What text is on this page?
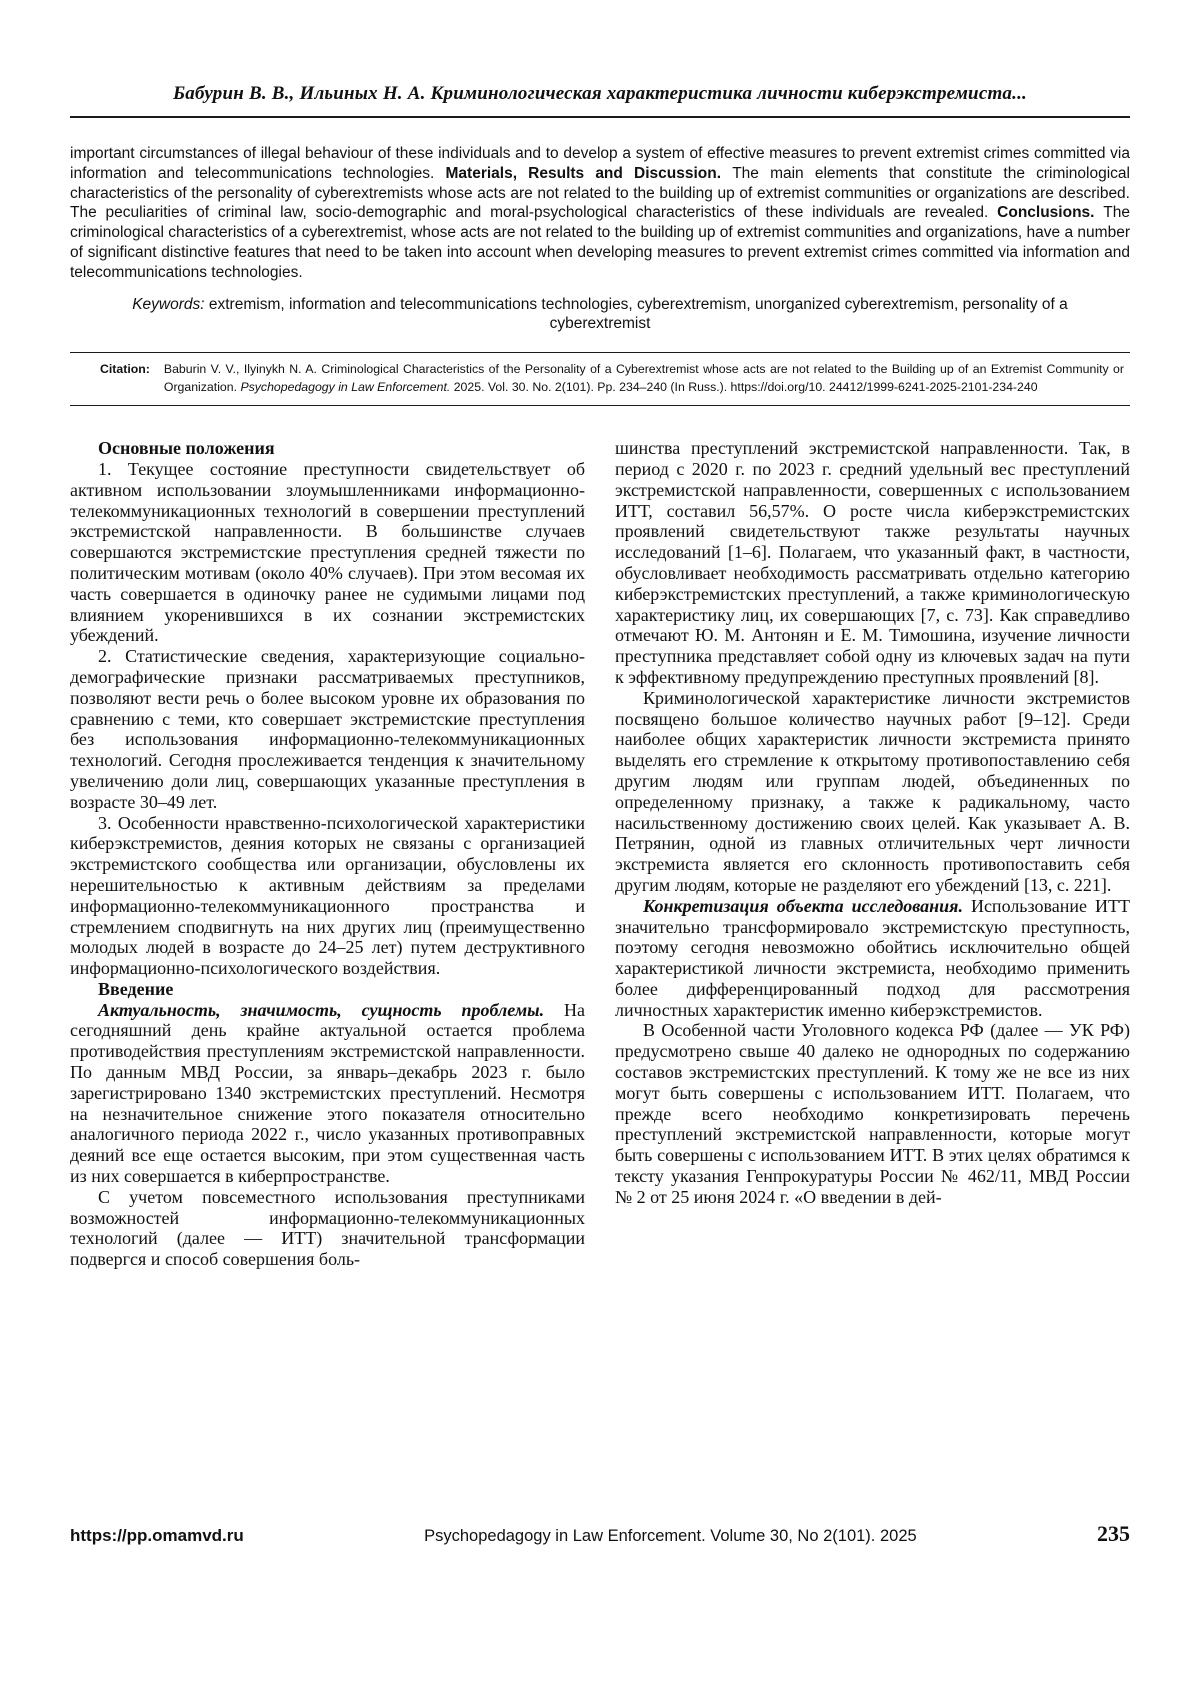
Бабурин В. В., Ильиных Н. А. Криминологическая характеристика личности киберэкстремиста...

important circumstances of illegal behaviour of these individuals and to develop a system of effective measures to prevent extremist crimes committed via information and telecommunications technologies. Materials, Results and Discussion. The main elements that constitute the criminological characteristics of the personality of cyberextremists whose acts are not related to the building up of extremist communities or organizations are described. The peculiarities of criminal law, socio-demographic and moral-psychological characteristics of these individuals are revealed. Conclusions. The criminological characteristics of a cyberextremist, whose acts are not related to the building up of extremist communities and organizations, have a number of significant distinctive features that need to be taken into account when developing measures to prevent extremist crimes committed via information and telecommunications technologies.

Keywords: extremism, information and telecommunications technologies, cyberextremism, unorganized cyberextremism, personality of a cyberextremist

Citation: Baburin V. V., Ilyinykh N. A. Criminological Characteristics of the Personality of a Cyberextremist whose acts are not related to the Building up of an Extremist Community or Organization. Psychopedagogy in Law Enforcement. 2025. Vol. 30. No. 2(101). Pp. 234–240 (In Russ.). https://doi.org/10. 24412/1999-6241-2025-2101-234-240

Основные положения

1. Текущее состояние преступности свидетельствует об активном использовании злоумышленниками информационно-телекоммуникационных технологий в совершении преступлений экстремистской направленности. В большинстве случаев совершаются экстремистские преступления средней тяжести по политическим мотивам (около 40% случаев). При этом весомая их часть совершается в одиночку ранее не судимыми лицами под влиянием укоренившихся в их сознании экстремистских убеждений.

2. Статистические сведения, характеризующие социально-демографические признаки рассматриваемых преступников, позволяют вести речь о более высоком уровне их образования по сравнению с теми, кто совершает экстремистские преступления без использования информационно-телекоммуникационных технологий. Сегодня прослеживается тенденция к значительному увеличению доли лиц, совершающих указанные преступления в возрасте 30–49 лет.

3. Особенности нравственно-психологической характеристики киберэкстремистов, деяния которых не связаны с организацией экстремистского сообщества или организации, обусловлены их нерешительностью к активным действиям за пределами информационно-телекоммуникационного пространства и стремлением сподвигнуть на них других лиц (преимущественно молодых людей в возрасте до 24–25 лет) путем деструктивного информационно-психологического воздействия.

Введение

Актуальность, значимость, сущность проблемы. На сегодняшний день крайне актуальной остается проблема противодействия преступлениям экстремистской направленности. По данным МВД России, за январь–декабрь 2023 г. было зарегистрировано 1340 экстремистских преступлений. Несмотря на незначительное снижение этого показателя относительно аналогичного периода 2022 г., число указанных противоправных деяний все еще остается высоким, при этом существенная часть из них совершается в киберпространстве.

С учетом повсеместного использования преступниками возможностей информационно-телекоммуникационных технологий (далее — ИТТ) значительной трансформации подвергся и способ совершения боль-

шинства преступлений экстремистской направленности. Так, в период с 2020 г. по 2023 г. средний удельный вес преступлений экстремистской направленности, совершенных с использованием ИТТ, составил 56,57%. О росте числа киберэкстремистских проявлений свидетельствуют также результаты научных исследований [1–6]. Полагаем, что указанный факт, в частности, обусловливает необходимость рассматривать отдельно категорию киберэкстремистских преступлений, а также криминологическую характеристику лиц, их совершающих [7, с. 73]. Как справедливо отмечают Ю. М. Антонян и Е. М. Тимошина, изучение личности преступника представляет собой одну из ключевых задач на пути к эффективному предупреждению преступных проявлений [8].

Криминологической характеристике личности экстремистов посвящено большое количество научных работ [9–12]. Среди наиболее общих характеристик личности экстремиста принято выделять его стремление к открытому противопоставлению себя другим людям или группам людей, объединенных по определенному признаку, а также к радикальному, часто насильственному достижению своих целей. Как указывает А. В. Петрянин, одной из главных отличительных черт личности экстремиста является его склонность противопоставить себя другим людям, которые не разделяют его убеждений [13, с. 221].

Конкретизация объекта исследования. Использование ИТТ значительно трансформировало экстремистскую преступность, поэтому сегодня невозможно обойтись исключительно общей характеристикой личности экстремиста, необходимо применить более дифференцированный подход для рассмотрения личностных характеристик именно киберэкстремистов.

В Особенной части Уголовного кодекса РФ (далее — УК РФ) предусмотрено свыше 40 далеко не однородных по содержанию составов экстремистских преступлений. К тому же не все из них могут быть совершены с использованием ИТТ. Полагаем, что прежде всего необходимо конкретизировать перечень преступлений экстремистской направленности, которые могут быть совершены с использованием ИТТ. В этих целях обратимся к тексту указания Генпрокуратуры России № 462/11, МВД России № 2 от 25 июня 2024 г. «О введении в дей-

https://pp.omamvd.ru	Psychopedagogy in Law Enforcement. Volume 30, No 2(101). 2025	235
